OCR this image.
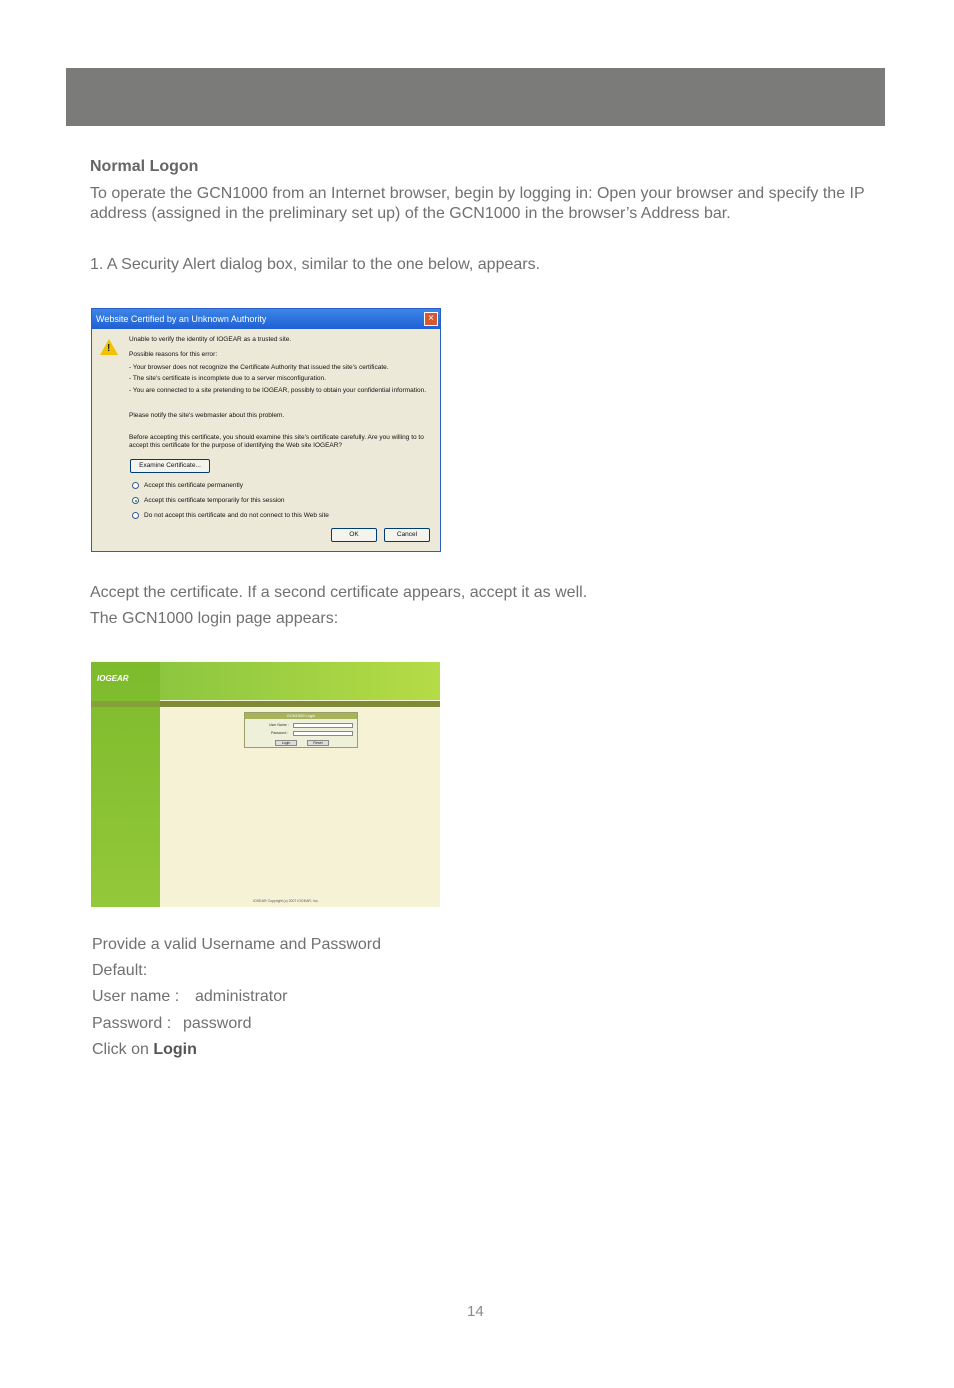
Normal Logon
To operate the GCN1000 from an Internet browser, begin by logging in: Open your browser and specify the IP address (assigned in the preliminary set up) of the GCN1000 in the browser’s Address bar.
1. A Security Alert dialog box, similar to the one below, appears.
Website Certified by an Unknown Authority	×
!
Unable to verify the identity of IOGEAR as a trusted site.
Possible reasons for this error:
- Your browser does not recognize the Certificate Authority that issued the site's certificate.
- The site's certificate is incomplete due to a server misconfiguration.
- You are connected to a site pretending to be IOGEAR, possibly to obtain your confidential information.
Please notify the site's webmaster about this problem.
Before accepting this certificate, you should examine this site's certificate carefully. Are you willing to to accept this certificate for the purpose of identifying the Web site IOGEAR?
Examine Certificate...
Accept this certificate permanently
Accept this certificate temporarily for this session
Do not accept this certificate and do not connect to this Web site
OK	Cancel
Accept the certificate. If a second certificate appears, accept it as well.
The GCN1000 login page appears:
IOGEAR
GCN1000 Login
User Name :
Password :
Login	Reset
IOGEAR Copyright (c) 2007 IOGEAR, Inc.
Provide a valid Username and Password
Default:
User name : administrator
Password : password
Click on Login
14
